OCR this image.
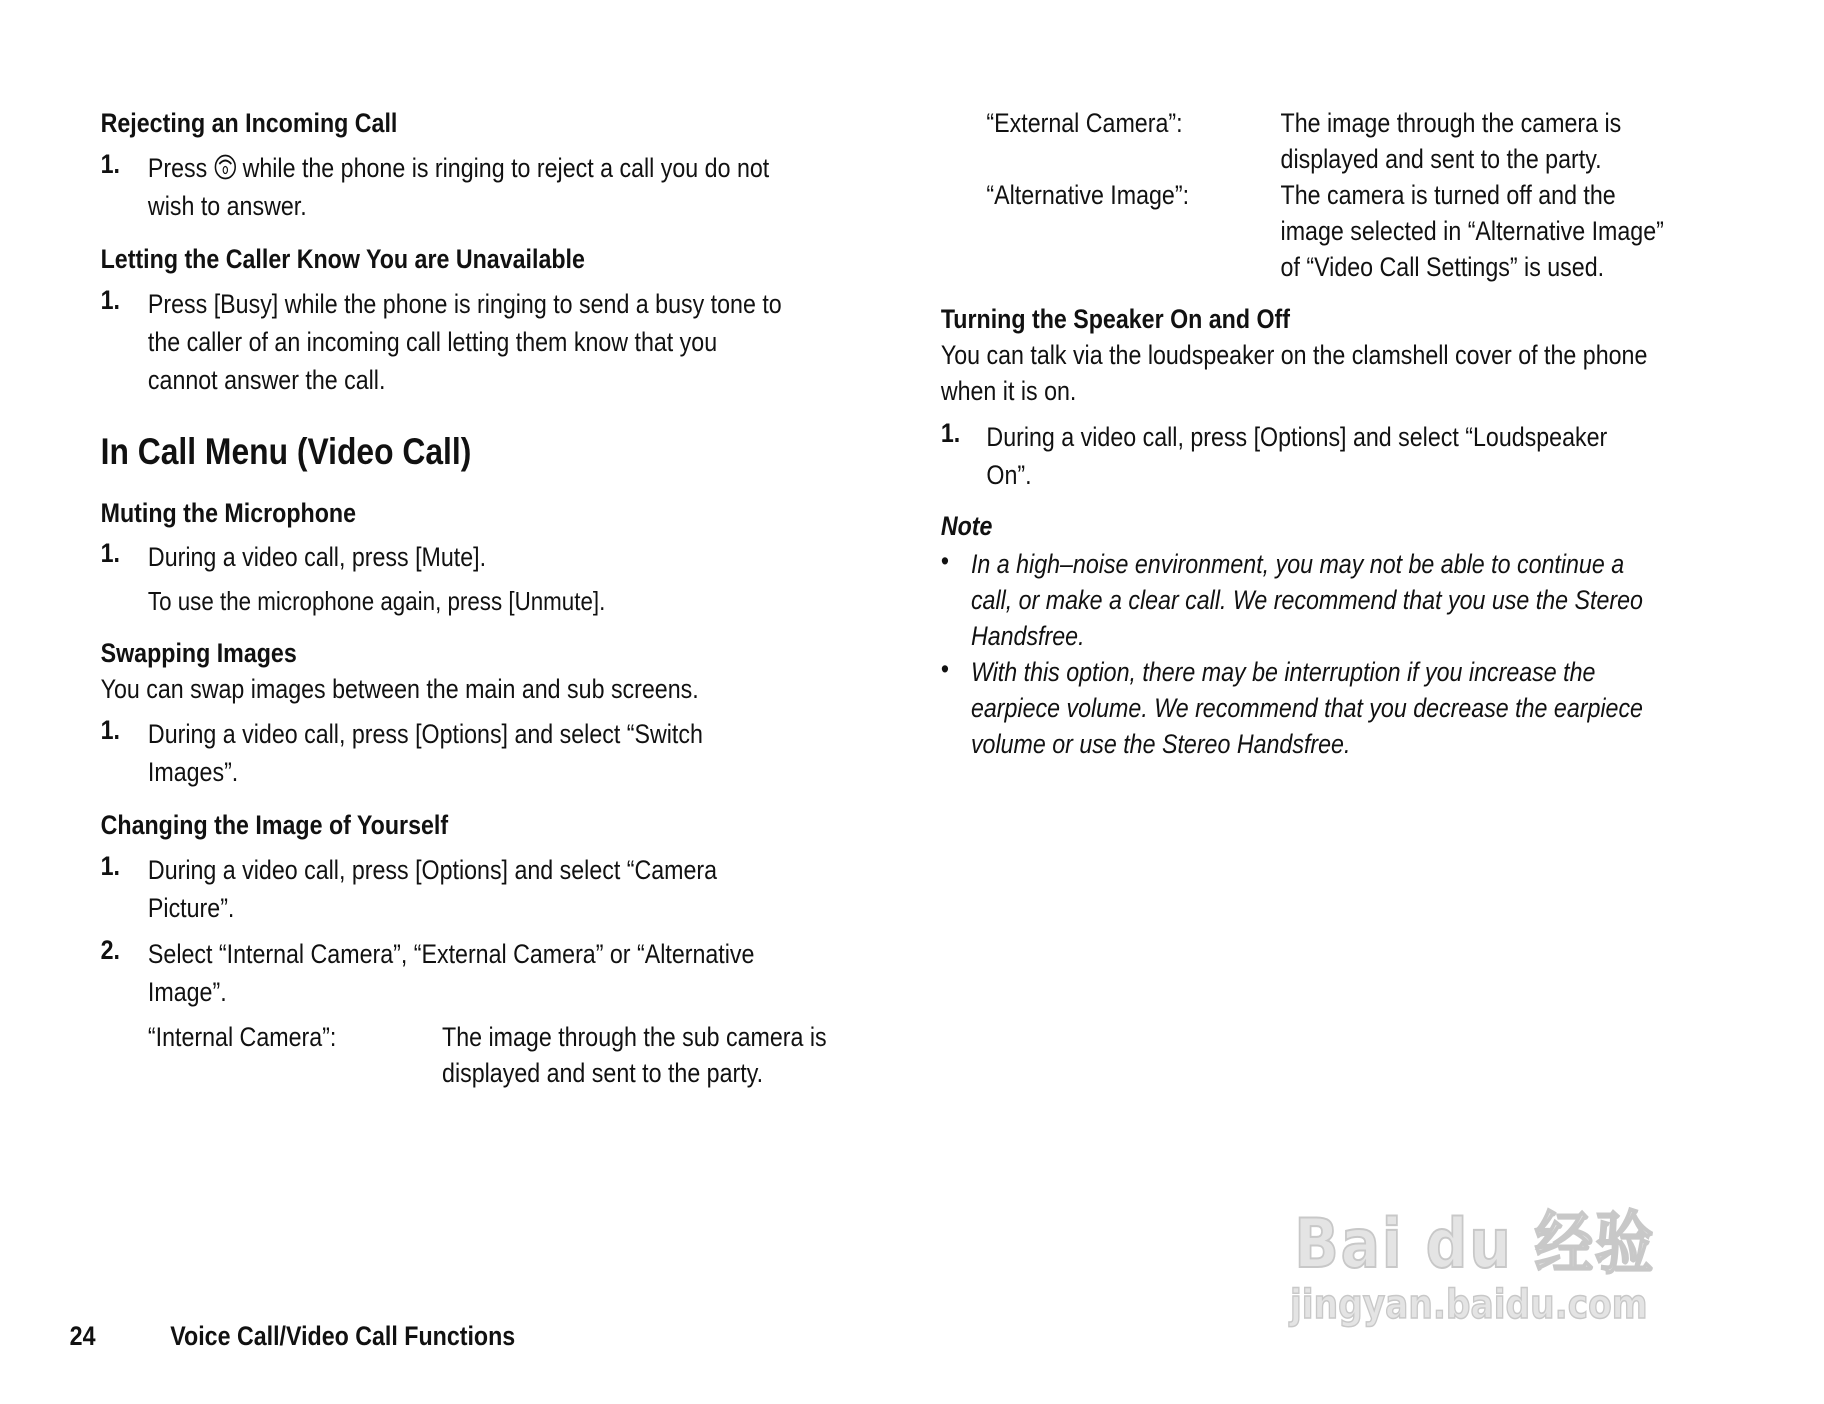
Rejecting an Incoming Call
1. Press while the phone is ringing to reject a call you do not
wish to answer.
Letting the Caller Know You are Unavailable
1. Press [Busy] while the phone is ringing to send a busy tone to
the caller of an incoming call letting them know that you
cannot answer the call.
In Call Menu (Video Call)
Muting the Microphone
1. During a video call, press [Mute].
To use the microphone again, press [Unmute].
Swapping Images
You can swap images between the main and sub screens.
1. During a video call, press [Options] and select “Switch
Images”.
Changing the Image of Yourself
1. During a video call, press [Options] and select “Camera
Picture”.
2. Select “Internal Camera”, “External Camera” or “Alternative
Image”.
“Internal Camera”:	The image through the sub camera is
displayed and sent to the party.
“External Camera”:	The image through the camera is
displayed and sent to the party.
“Alternative Image”:	The camera is turned off and the
image selected in “Alternative Image”
of “Video Call Settings” is used.
Turning the Speaker On and Off
You can talk via the loudspeaker on the clamshell cover of the phone
when it is on.
1. During a video call, press [Options] and select “Loudspeaker
On”.
Note
• In a high–noise environment, you may not be able to continue a
call, or make a clear call. We recommend that you use the Stereo
Handsfree.
• With this option, there may be interruption if you increase the
earpiece volume. We recommend that you decrease the earpiece
volume or use the Stereo Handsfree.
24	Voice Call/Video Call Functions
Bai du 经验
jingyan.baidu.com
